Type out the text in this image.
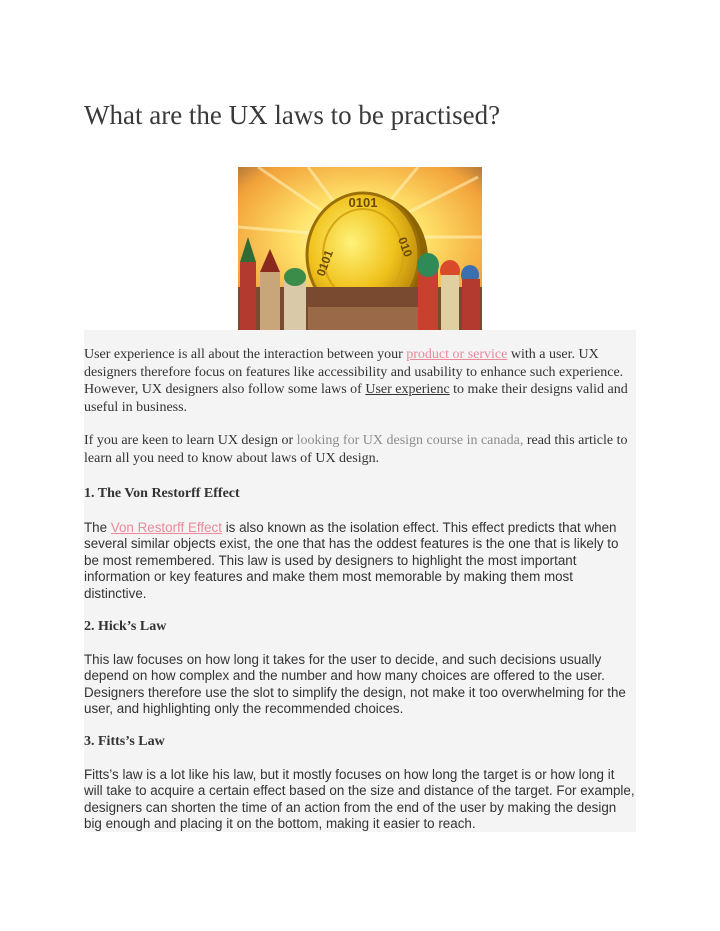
What are the UX laws to be practised?
0101
010
0101

User experience is all about the interaction between your product or service with a user. UX designers therefore focus on features like accessibility and usability to enhance such experience. However, UX designers also follow some laws of User experienc to make their designs valid and useful in business.

If you are keen to learn UX design or looking for UX design course in canada, read this article to learn all you need to know about laws of UX design.

1. The Von Restorff Effect

The Von Restorff Effect is also known as the isolation effect. This effect predicts that when several similar objects exist, the one that has the oddest features is the one that is likely to be most remembered. This law is used by designers to highlight the most important information or key features and make them most memorable by making them most distinctive.

2. Hick’s Law

This law focuses on how long it takes for the user to decide, and such decisions usually depend on how complex and the number and how many choices are offered to the user. Designers therefore use the slot to simplify the design, not make it too overwhelming for the user, and highlighting only the recommended choices.

3. Fitts’s Law

Fitts’s law is a lot like his law, but it mostly focuses on how long the target is or how long it will take to acquire a certain effect based on the size and distance of the target. For example, designers can shorten the time of an action from the end of the user by making the design big enough and placing it on the bottom, making it easier to reach.
